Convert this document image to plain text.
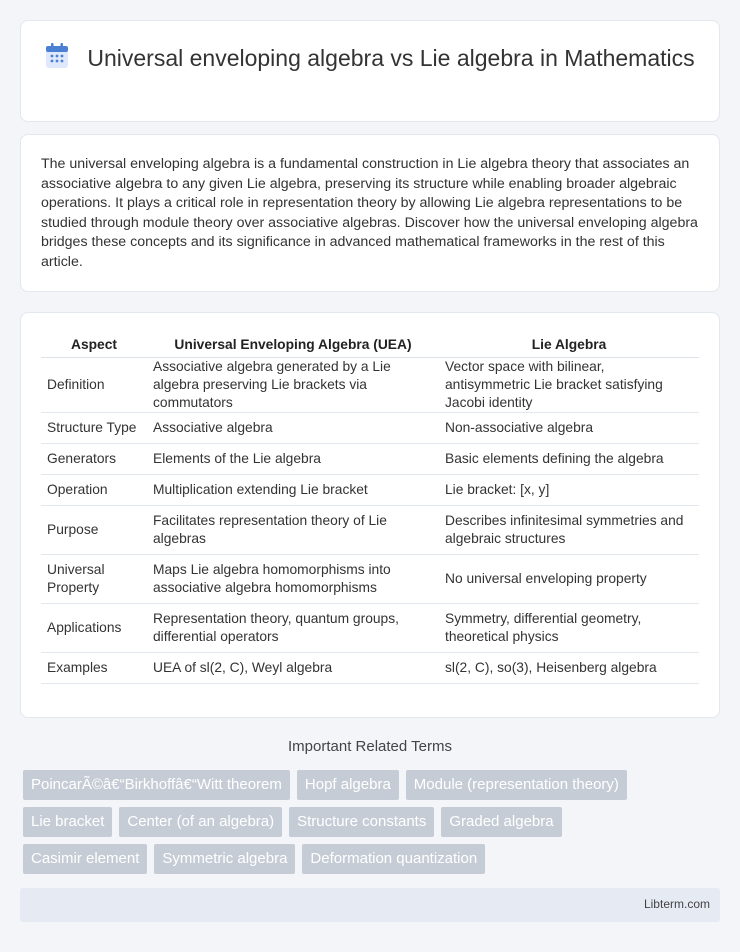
Universal enveloping algebra vs Lie algebra in Mathematics

The universal enveloping algebra is a fundamental construction in Lie algebra theory that associates an associative algebra to any given Lie algebra, preserving its structure while enabling broader algebraic operations. It plays a critical role in representation theory by allowing Lie algebra representations to be studied through module theory over associative algebras. Discover how the universal enveloping algebra bridges these concepts and its significance in advanced mathematical frameworks in the rest of this article.

Aspect	Universal Enveloping Algebra (UEA)	Lie Algebra
Definition	Associative algebra generated by a Lie algebra preserving Lie brackets via commutators	Vector space with bilinear, antisymmetric Lie bracket satisfying Jacobi identity
Structure Type	Associative algebra	Non-associative algebra
Generators	Elements of the Lie algebra	Basic elements defining the algebra
Operation	Multiplication extending Lie bracket	Lie bracket: [x, y]
Purpose	Facilitates representation theory of Lie algebras	Describes infinitesimal symmetries and algebraic structures
Universal Property	Maps Lie algebra homomorphisms into associative algebra homomorphisms	No universal enveloping property
Applications	Representation theory, quantum groups, differential operators	Symmetry, differential geometry, theoretical physics
Examples	UEA of sl(2, C), Weyl algebra	sl(2, C), so(3), Heisenberg algebra
Important Related Terms
PoincarÃ©â€“Birkhoffâ€“Witt theorem	Hopf algebra	Module (representation theory)
Lie bracket	Center (of an algebra)	Structure constants	Graded algebra
Casimir element	Symmetric algebra	Deformation quantization
Libterm.com
